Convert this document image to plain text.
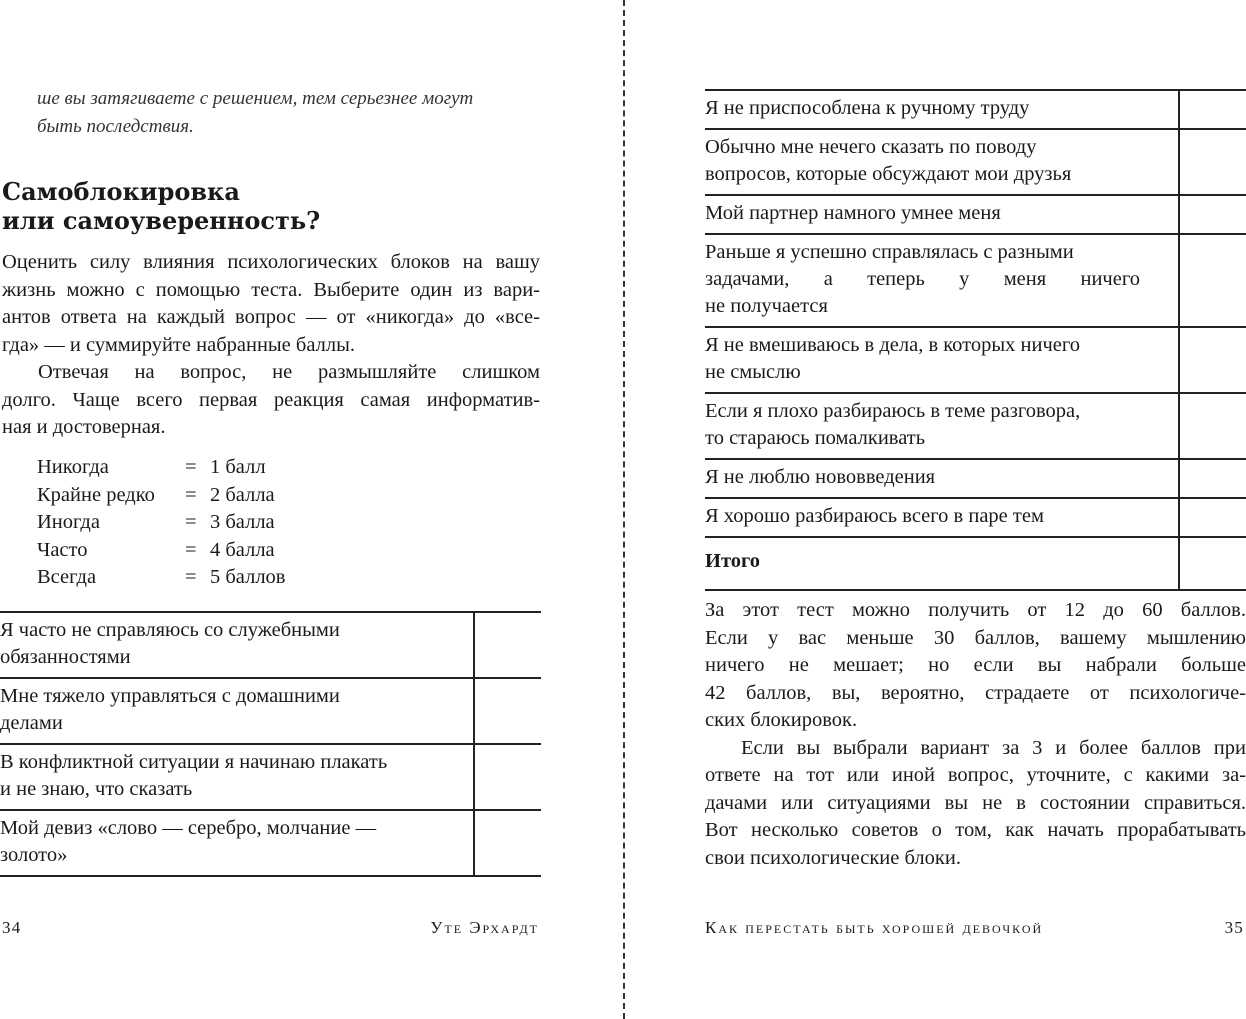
ше вы затягиваете с решением, тем серьезнее могут
быть последствия.
Самоблокировка
или самоуверенность?
Оценить силу влияния психологических блоков на вашу
жизнь можно с помощью теста. Выберите один из вари-
антов ответа на каждый вопрос — от «никогда» до «все-
гда» — и суммируйте набранные баллы.
Отвечая на вопрос, не размышляйте слишком
долго. Чаще всего первая реакция самая информатив-
ная и достоверная.
Никогда	= 1 балл
Крайне редко	= 2 балла
Иногда	= 3 балла
Часто	= 4 балла
Всегда	= 5 баллов
Я часто не справляюсь со служебными
обязанностями	

Мне тяжело управляться с домашними
делами	

В конфликтной ситуации я начинаю плакать
и не знаю, что сказать	

Мой девиз «слово — серебро, молчание —
золото»	

34	Уте Эрхардт
Я не приспособлена к ручному труду	

Обычно мне нечего сказать по поводу
вопросов, которые обсуждают мои друзья	

Мой партнер намного умнее меня	

Раньше я успешно справлялась с разными
задачами, а теперь у меня ничего
не получается	

Я не вмешиваюсь в дела, в которых ничего
не смыслю	

Если я плохо разбираюсь в теме разговора,
то стараюсь помалкивать	

Я не люблю нововведения	

Я хорошо разбираюсь всего в паре тем	

Итого	
За этот тест можно получить от 12 до 60 баллов.
Если у вас меньше 30 баллов, вашему мышлению
ничего не мешает; но если вы набрали больше
42 баллов, вы, вероятно, страдаете от психологиче-
ских блокировок.
Если вы выбрали вариант за 3 и более баллов при
ответе на тот или иной вопрос, уточните, с какими за-
дачами или ситуациями вы не в состоянии справиться.
Вот несколько советов о том, как начать прорабатывать
свои психологические блоки.
Как перестать быть хорошей девочкой	35
